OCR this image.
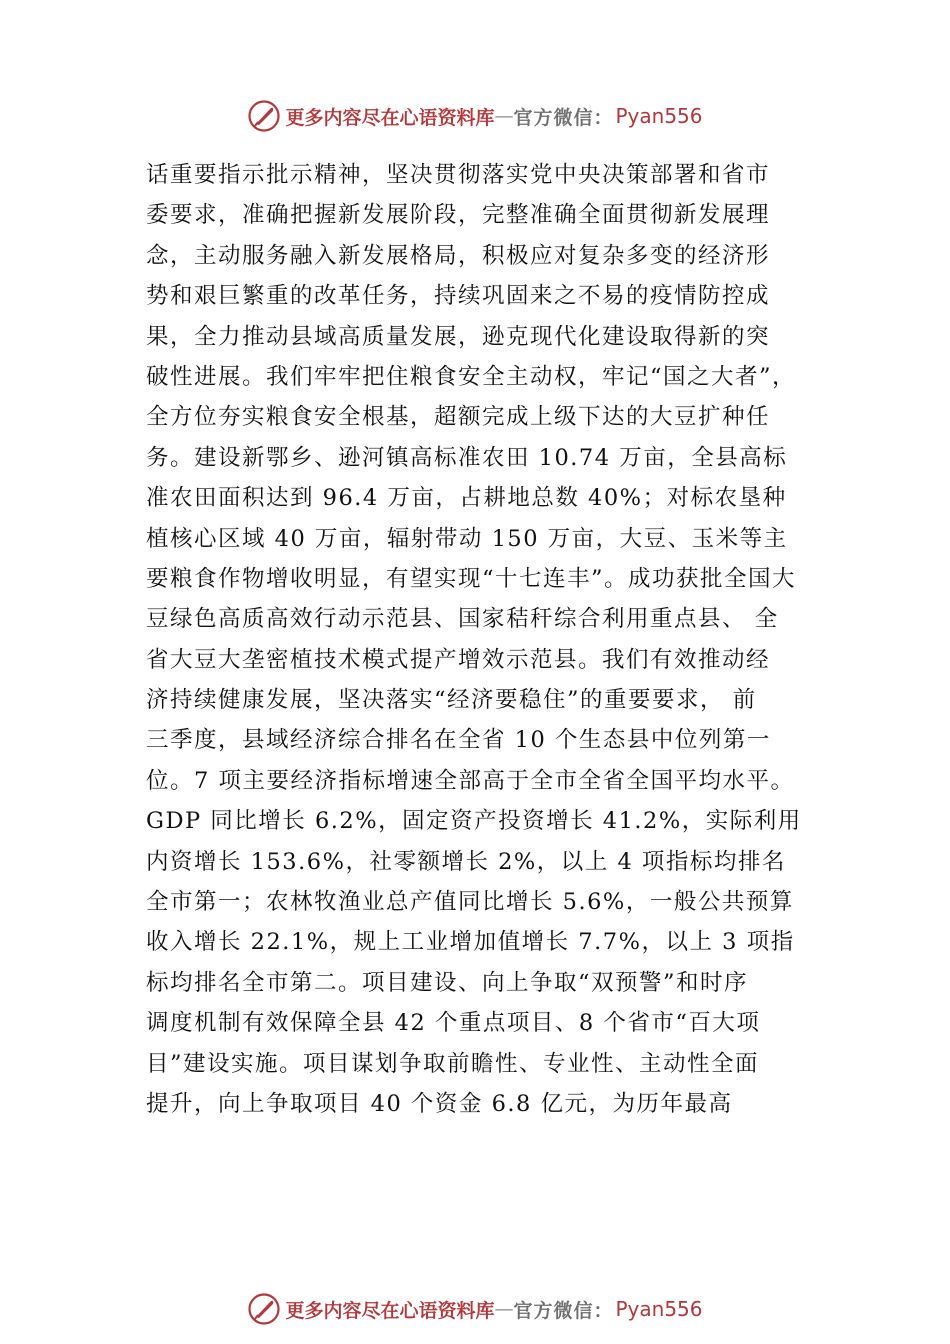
更多内容尽在心语资料库 — 官方微信： Pyan556
话重要指示批示精神，坚决贯彻落实党中央决策部署和省市
委要求，准确把握新发展阶段，完整准确全面贯彻新发展理
念，主动服务融入新发展格局，积极应对复杂多变的经济形
势和艰巨繁重的改革任务，持续巩固来之不易的疫情防控成
果，全力推动县域高质量发展，逊克现代化建设取得新的突
破性进展。我们牢牢把住粮食安全主动权，牢记“国之大者”，
全方位夯实粮食安全根基，超额完成上级下达的大豆扩种任
务。建设新鄂乡、逊河镇高标准农田 10.74 万亩，全县高标
准农田面积达到 96.4 万亩，占耕地总数 40%；对标农垦种
植核心区域 40 万亩，辐射带动 150 万亩，大豆、玉米等主
要粮食作物增收明显，有望实现“十七连丰”。成功获批全国大
豆绿色高质高效行动示范县、国家秸秆综合利用重点县、 全
省大豆大垄密植技术模式提产增效示范县。我们有效推动经
济持续健康发展，坚决落实“经济要稳住”的重要要求， 前
三季度，县域经济综合排名在全省 10 个生态县中位列第一
位。7 项主要经济指标增速全部高于全市全省全国平均水平。
GDP 同比增长 6.2%，固定资产投资增长 41.2%，实际利用
内资增长 153.6%，社零额增长 2%，以上 4 项指标均排名
全市第一；农林牧渔业总产值同比增长 5.6%，一般公共预算
收入增长 22.1%，规上工业增加值增长 7.7%，以上 3 项指
标均排名全市第二。项目建设、向上争取“双预警”和时序
调度机制有效保障全县 42 个重点项目、8 个省市“百大项
目”建设实施。项目谋划争取前瞻性、专业性、主动性全面
提升，向上争取项目 40 个资金 6.8 亿元，为历年最高
更多内容尽在心语资料库 — 官方微信： Pyan556
